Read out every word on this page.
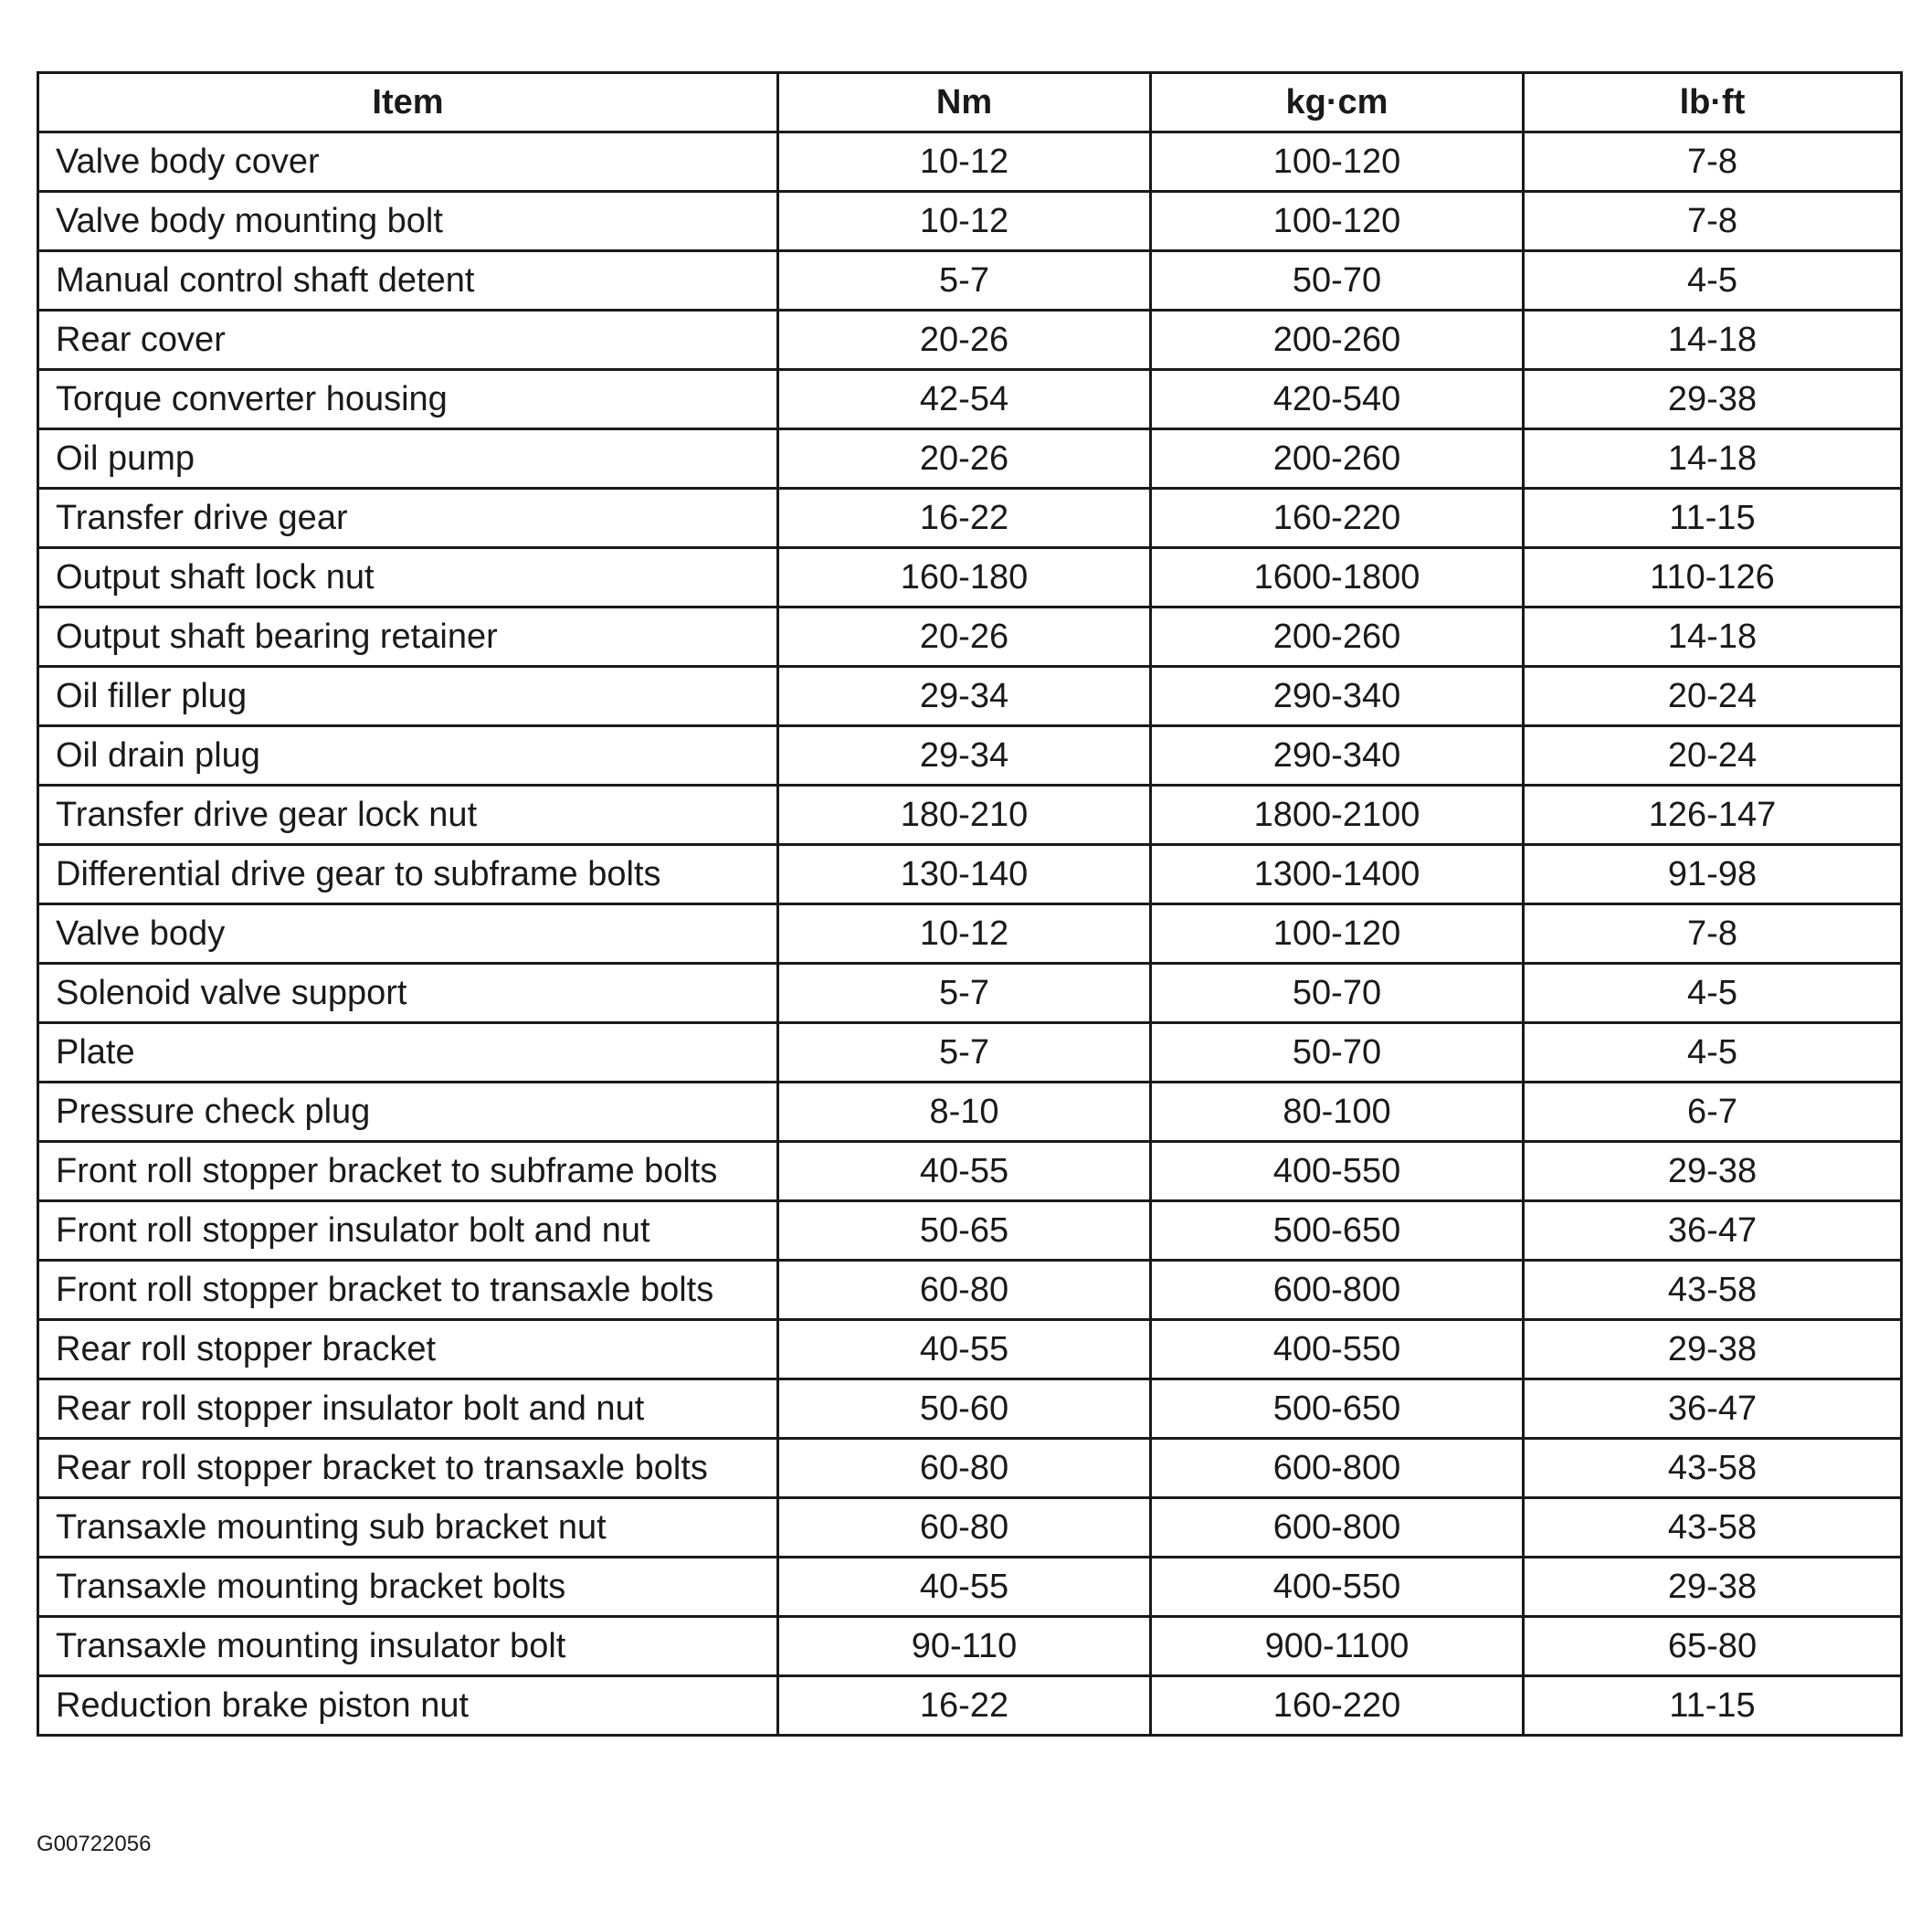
Item	Nm	kg·cm	lb·ft
Valve body cover	10-12	100-120	7-8
Valve body mounting bolt	10-12	100-120	7-8
Manual control shaft detent	5-7	50-70	4-5
Rear cover	20-26	200-260	14-18
Torque converter housing	42-54	420-540	29-38
Oil pump	20-26	200-260	14-18
Transfer drive gear	16-22	160-220	11-15
Output shaft lock nut	160-180	1600-1800	110-126
Output shaft bearing retainer	20-26	200-260	14-18
Oil filler plug	29-34	290-340	20-24
Oil drain plug	29-34	290-340	20-24
Transfer drive gear lock nut	180-210	1800-2100	126-147
Differential drive gear to subframe bolts	130-140	1300-1400	91-98
Valve body	10-12	100-120	7-8
Solenoid valve support	5-7	50-70	4-5
Plate	5-7	50-70	4-5
Pressure check plug	8-10	80-100	6-7
Front roll stopper bracket to subframe bolts	40-55	400-550	29-38
Front roll stopper insulator bolt and nut	50-65	500-650	36-47
Front roll stopper bracket to transaxle bolts	60-80	600-800	43-58
Rear roll stopper bracket	40-55	400-550	29-38
Rear roll stopper insulator bolt and nut	50-60	500-650	36-47
Rear roll stopper bracket to transaxle bolts	60-80	600-800	43-58
Transaxle mounting sub bracket nut	60-80	600-800	43-58
Transaxle mounting bracket bolts	40-55	400-550	29-38
Transaxle mounting insulator bolt	90-110	900-1100	65-80
Reduction brake piston nut	16-22	160-220	11-15
G00722056
